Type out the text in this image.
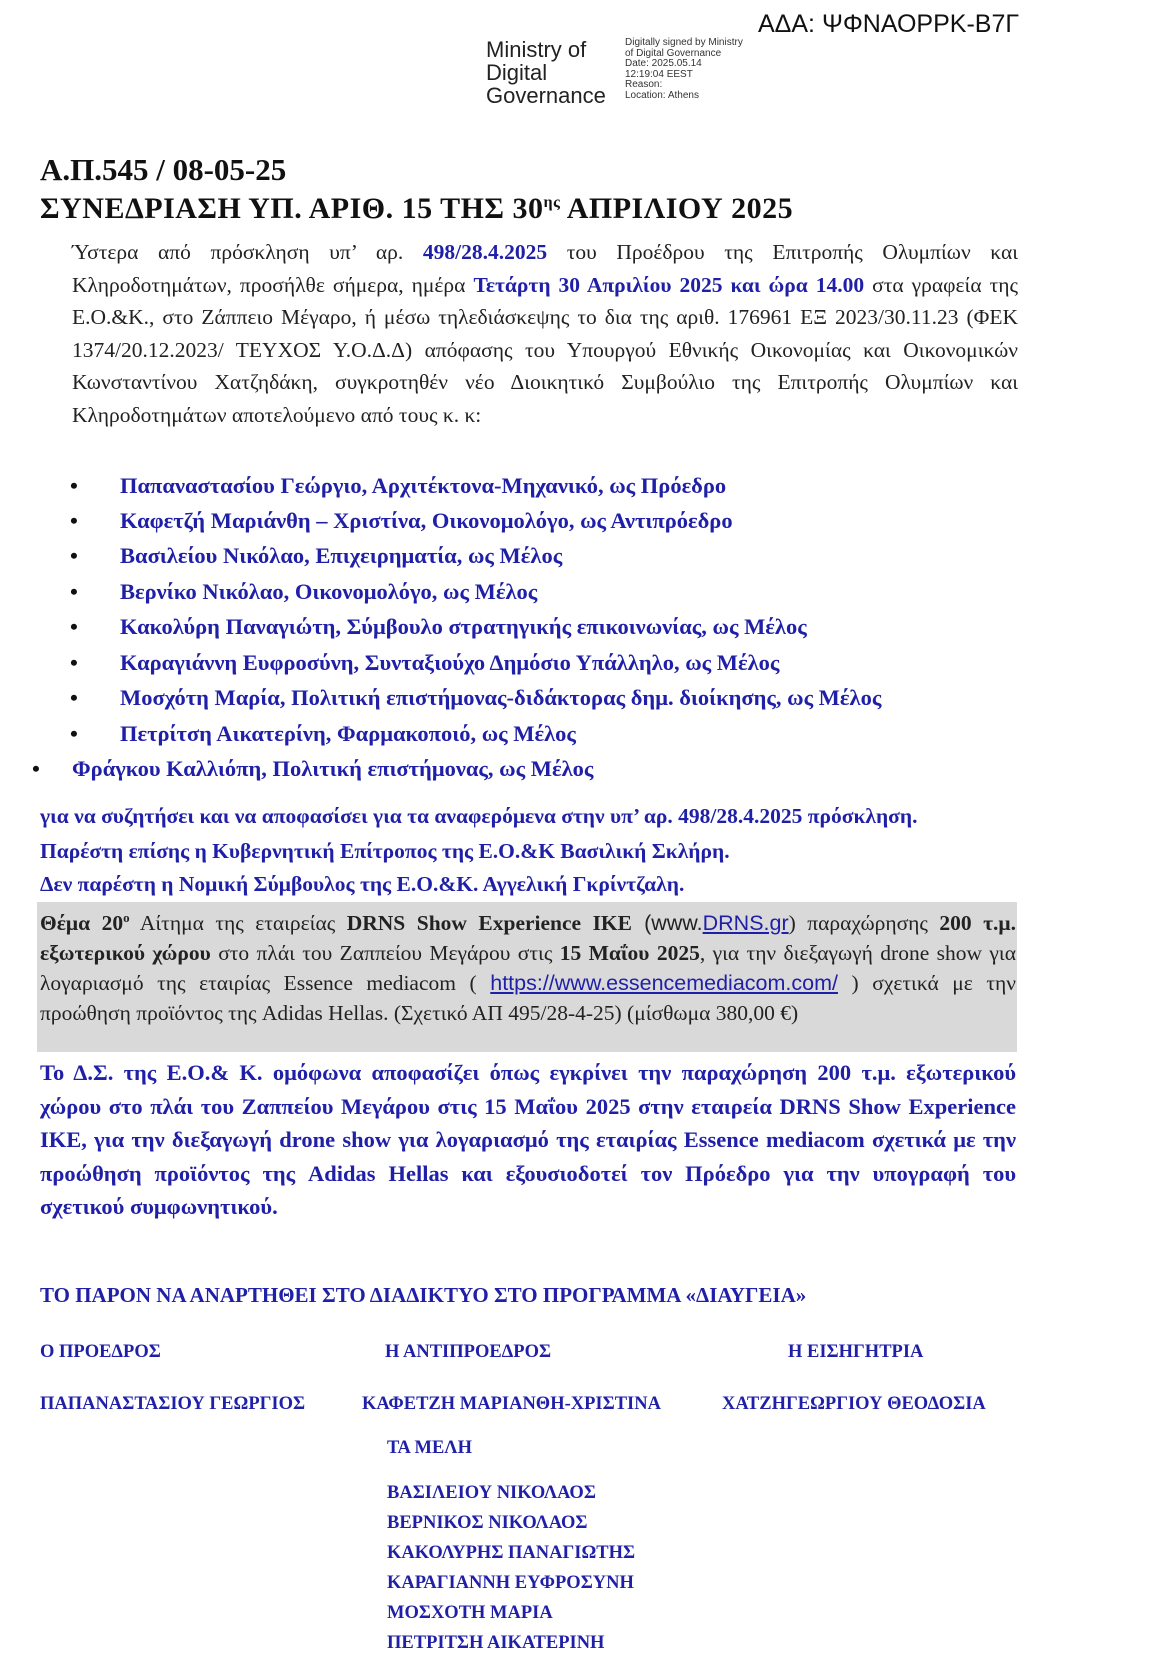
ΑΔΑ: ΨΦΝΑΟΡΡΚ-Β7Γ
Ministry of
Digital
Governance
Digitally signed by Ministry
of Digital Governance
Date: 2025.05.14
12:19:04 EEST
Reason:
Location: Athens
Α.Π.545 / 08-05-25
ΣΥΝΕΔΡΙΑΣΗ ΥΠ. ΑΡΙΘ. 15 ΤΗΣ $30^{\eta\varsigma}$ ΑΠΡΙΛΙΟΥ 2025
Ύστερα από πρόσκληση υπ’ αρ. 498/28.4.2025 του Προέδρου της Επιτροπής Ολυμπίων και Κληροδοτημάτων, προσήλθε σήμερα, ημέρα Τετάρτη 30 Απριλίου 2025 και ώρα 14.00 στα γραφεία της Ε.Ο.&Κ., στο Ζάππειο Μέγαρο, ή μέσω τηλεδιάσκεψης το δια της αριθ. 176961 ΕΞ 2023/30.11.23 (ΦΕΚ 1374/20.12.2023/ ΤΕΥΧΟΣ Υ.Ο.Δ.Δ) απόφασης του Υπουργού Εθνικής Οικονομίας και Οικονομικών Κωνσταντίνου Χατζηδάκη, συγκροτηθέν νέο Διοικητικό Συμβούλιο της Επιτροπής Ολυμπίων και Κληροδοτημάτων αποτελούμενο από τους κ. κ:
• Παπαναστασίου Γεώργιο, Αρχιτέκτονα-Μηχανικό, ως Πρόεδρο
• Καφετζή Μαριάνθη – Χριστίνα, Οικονομολόγο, ως Αντιπρόεδρο
• Βασιλείου Νικόλαο, Επιχειρηματία, ως Μέλος
• Βερνίκο Νικόλαο, Οικονομολόγο, ως Μέλος
• Κακολύρη Παναγιώτη, Σύμβουλο στρατηγικής επικοινωνίας, ως Μέλος
• Καραγιάννη Ευφροσύνη, Συνταξιούχο Δημόσιο Υπάλληλο, ως Μέλος
• Μοσχότη Μαρία, Πολιτική επιστήμονας-διδάκτορας δημ. διοίκησης, ως Μέλος
• Πετρίτση Αικατερίνη, Φαρμακοποιό, ως Μέλος
• Φράγκου Καλλιόπη, Πολιτική επιστήμονας, ως Μέλος
για να συζητήσει και να αποφασίσει για τα αναφερόμενα στην υπ’ αρ. 498/28.4.2025 πρόσκληση.
Παρέστη επίσης η Κυβερνητική Επίτροπος της Ε.Ο.&Κ Βασιλική Σκλήρη.
Δεν παρέστη η Νομική Σύμβουλος της Ε.Ο.&Κ. Αγγελική Γκρίντζαλη.
Θέμα $20^o$ Αίτημα της εταιρείας DRNS Show Experience IKE (www.DRNS.gr) παραχώρησης 200 τ.μ. εξωτερικού χώρου στο πλάι του Ζαππείου Μεγάρου στις 15 Μαΐου 2025, για την διεξαγωγή drone show για λογαριασμό της εταιρίας Essence mediacom ( https://www.essencemediacom.com/ ) σχετικά με την προώθηση προϊόντος της Adidas Hellas. (Σχετικό ΑΠ 495/28-4-25) (μίσθωμα 380,00 €)
Το Δ.Σ. της Ε.Ο.& Κ. ομόφωνα αποφασίζει όπως εγκρίνει την παραχώρηση 200 τ.μ. εξωτερικού χώρου στο πλάι του Ζαππείου Μεγάρου στις 15 Μαΐου 2025 στην εταιρεία DRNS Show Experience IKE, για την διεξαγωγή drone show για λογαριασμό της εταιρίας Essence mediacom σχετικά με την προώθηση προϊόντος της Adidas Hellas και εξουσιοδοτεί τον Πρόεδρο για την υπογραφή του σχετικού συμφωνητικού.
ΤΟ ΠΑΡΟΝ ΝΑ ΑΝΑΡΤΗΘΕΙ ΣΤΟ ΔΙΑΔΙΚΤΥΟ ΣΤΟ ΠΡΟΓΡΑΜΜΑ «ΔΙΑΥΓΕΙΑ»
Ο ΠΡΟΕΔΡΟΣ	Η ΑΝΤΙΠΡΟΕΔΡΟΣ	Η ΕΙΣΗΓΗΤΡΙΑ
ΠΑΠΑΝΑΣΤΑΣΙΟΥ ΓΕΩΡΓΙΟΣ	ΚΑΦΕΤΖΗ ΜΑΡΙΑΝΘΗ-ΧΡΙΣΤΙΝΑ	ΧΑΤΖΗΓΕΩΡΓΙΟΥ ΘΕΟΔΟΣΙΑ
ΤΑ ΜΕΛΗ
ΒΑΣΙΛΕΙΟΥ ΝΙΚΟΛΑΟΣ
ΒΕΡΝΙΚΟΣ ΝΙΚΟΛΑΟΣ
ΚΑΚΟΛΥΡΗΣ ΠΑΝΑΓΙΩΤΗΣ
ΚΑΡΑΓΙΑΝΝΗ ΕΥΦΡΟΣΥΝΗ
ΜΟΣΧΟΤΗ ΜΑΡΙΑ
ΠΕΤΡΙΤΣΗ ΑΙΚΑΤΕΡΙΝΗ
